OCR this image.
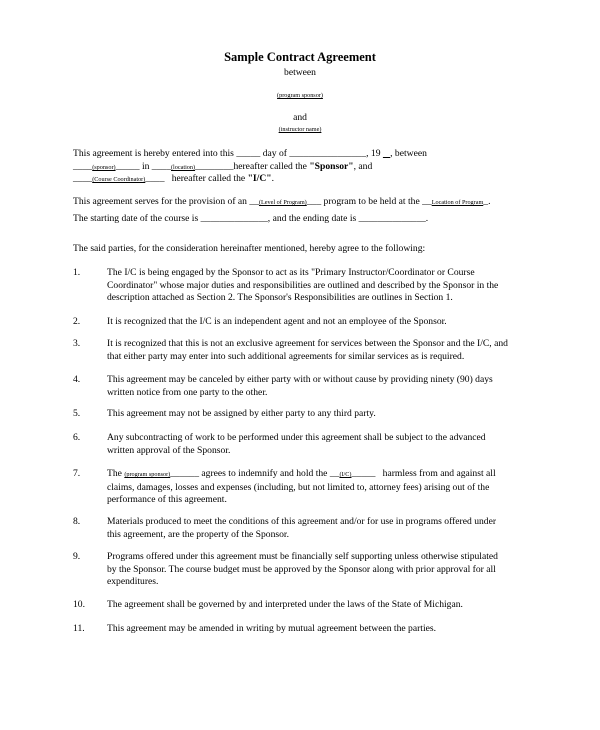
Sample Contract Agreement
between
(program sponsor)
and
(instructor name)
This agreement is hereby entered into this _____ day of ________________, 19 , between
____(sponsor)_____ in ____(location)________hereafter called the "Sponsor", and
____(Course Coordinator)____ hereafter called the "I/C".
This agreement serves for the provision of an __(Level of Program)___ program to be held at the __Location of Program_.
The starting date of the course is ______________, and the ending date is ______________.
The said parties, for the consideration hereinafter mentioned, hereby agree to the following:
1.	The I/C is being engaged by the Sponsor to act as its "Primary Instructor/Coordinator or Course
Coordinator" whose major duties and responsibilities are outlined and described by the Sponsor in the
description attached as Section 2. The Sponsor's Responsibilities are outlines in Section 1.
2.	It is recognized that the I/C is an independent agent and not an employee of the Sponsor.
3.	It is recognized that this is not an exclusive agreement for services between the Sponsor and the I/C, and
that either party may enter into such additional agreements for similar services as is required.
4.	This agreement may be canceled by either party with or without cause by providing ninety (90) days
written notice from one party to the other.
5.	This agreement may not be assigned by either party to any third party.
6.	Any subcontracting of work to be performed under this agreement shall be subject to the advanced
written approval of the Sponsor.
7.	The (program sponsor)______ agrees to indemnify and hold the __(I/C)_____ harmless from and against all
claims, damages, losses and expenses (including, but not limited to, attorney fees) arising out of the
performance of this agreement.
8.	Materials produced to meet the conditions of this agreement and/or for use in programs offered under
this agreement, are the property of the Sponsor.
9.	Programs offered under this agreement must be financially self supporting unless otherwise stipulated
by the Sponsor. The course budget must be approved by the Sponsor along with prior approval for all
expenditures.
10. The agreement shall be governed by and interpreted under the laws of the State of Michigan.
11. This agreement may be amended in writing by mutual agreement between the parties.
